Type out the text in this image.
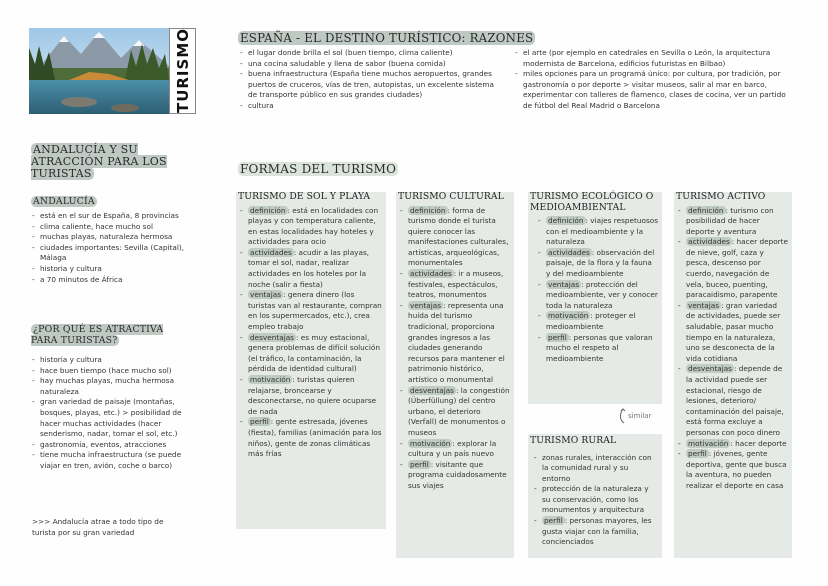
TURISMO	ESPAÑA - EL DESTINO TURÍSTICO: RAZONES
- el lugar donde brilla el sol (buen tiempo, clima caliente)
- una cocina saludable y llena de sabor (buena comida)
- buena infraestructura (España tiene muchos aeropuertos, grandes puertos de cruceros, vías de tren, autopistas, un excelente sistema de transporte público en sus grandes ciudades)
- cultura
- el arte (por ejemplo en catedrales en Sevilla o León, la arquitectura modernista de Barcelona, edificios futuristas en Bilbao)
- miles opciones para un programá único: por cultura, por tradición, por gastronomía o por deporte > visitar museos, salir al mar en barco, experimentar con talleres de flamenco, clases de cocina, ver un partido de fútbol del Real Madrid o Barcelona
ANDALUCÍA Y SU ATRACCIÓN PARA LOS TURISTAS
ANDALUCÍA
- está en el sur de España, 8 provincias
- clima caliente, hace mucho sol
- muchas playas, naturaleza hermosa
- ciudades importantes: Sevilla (Capital), Málaga
- historia y cultura
- a 70 minutos de África
¿POR QUÉ ES ATRACTIVA PARA TURISTAS?
- historia y cultura
- hace buen tiempo (hace mucho sol)
- hay muchas playas, mucha hermosa naturaleza
- gran variedad de paisaje (montañas, bosques, playas, etc.) > posibilidad de hacer muchas actividades (hacer senderismo, nadar, tomar el sol, etc.)
- gastronomía, eventos, atracciones
- tiene mucha infraestructura (se puede viajar en tren, avión, coche o barco)
>>> Andalucía atrae a todo tipo de turista por su gran variedad
FORMAS DEL TURISMO
TURISMO DE SOL Y PLAYA
- definición : está en localidades con playas y con temperatura caliente, en estas localidades hay hoteles y actividades para ocio
- actividades : acudir a las playas, tomar el sol, nadar, realizar actividades en los hoteles por la noche (salir a fiesta)
- ventajas : genera dinero (los turistas van al restaurante, compran en los supermercados, etc.), crea empleo trabajo
- desventajas : es muy estacional, genera problemas de difícil solución (el tráfico, la contaminación, la pérdida de identidad cultural)
- motivación : turistas quieren relajarse, broncearse y desconectarse, no quiere ocuparse de nada
- perfil : gente estresada, jóvenes (fiesta), familias (animación para los niños), gente de zonas climáticas más frías
TURISMO CULTURAL
- definición : forma de turismo donde el turista quiere conocer las manifestaciones culturales, artísticas, arqueológicas, monumentales
- actividades : ir a museos, festivales, espectáculos, teatros, monumentos
- ventajas : representa una huída del turismo tradicional, proporciona grandes ingresos a las ciudades generando recursos para mantener el patrimonio histórico, artístico o monumental
- desventajas : la congestión (Überfüllung) del centro urbano, el deterioro (Verfall) de monumentos o museos
- motivación : explorar la cultura y un país nuevo
- perfil : visitante que programa cuidadosamente sus viajes
TURISMO ECOLÓGICO O MEDIOAMBIENTAL
- definición : viajes respetuosos con el medioambiente y la naturaleza
- actividades : observación del paisaje, de la flora y la fauna y del medioambiente
- ventajas : protección del medioambiente, ver y conocer toda la naturaleza
- motivación : proteger el medioambiente
- perfil : personas que valoran mucho el respeto al medioambiente
similar
TURISMO RURAL
- zonas rurales, interacción con la comunidad rural y su entorno
- protección de la naturaleza y su conservación, como los monumentos y arquitectura
- perfil : personas mayores, les gusta viajar con la familia, concienciados
TURISMO ACTIVO
- definición : turismo con posibilidad de hacer deporte y aventura
- actividades : hacer deporte de nieve, golf, caza y pesca, descenso por cuerdo, navegación de vela, buceo, puenting, paracaidismo, parapente
- ventajas : gran variedad de actividades, puede ser saludable, pasar mucho tiempo en la naturaleza, uno se desconecta de la vida cotidiana
- desventajas : depende de la actividad puede ser estacional, riesgo de lesiones, deterioro/ contaminación del paisaje, está forma excluye a personas con poco dinero
- motivación : hacer deporte
- perfil : jóvenes, gente deportiva, gente que busca la aventura, no pueden realizar el deporte en casa
